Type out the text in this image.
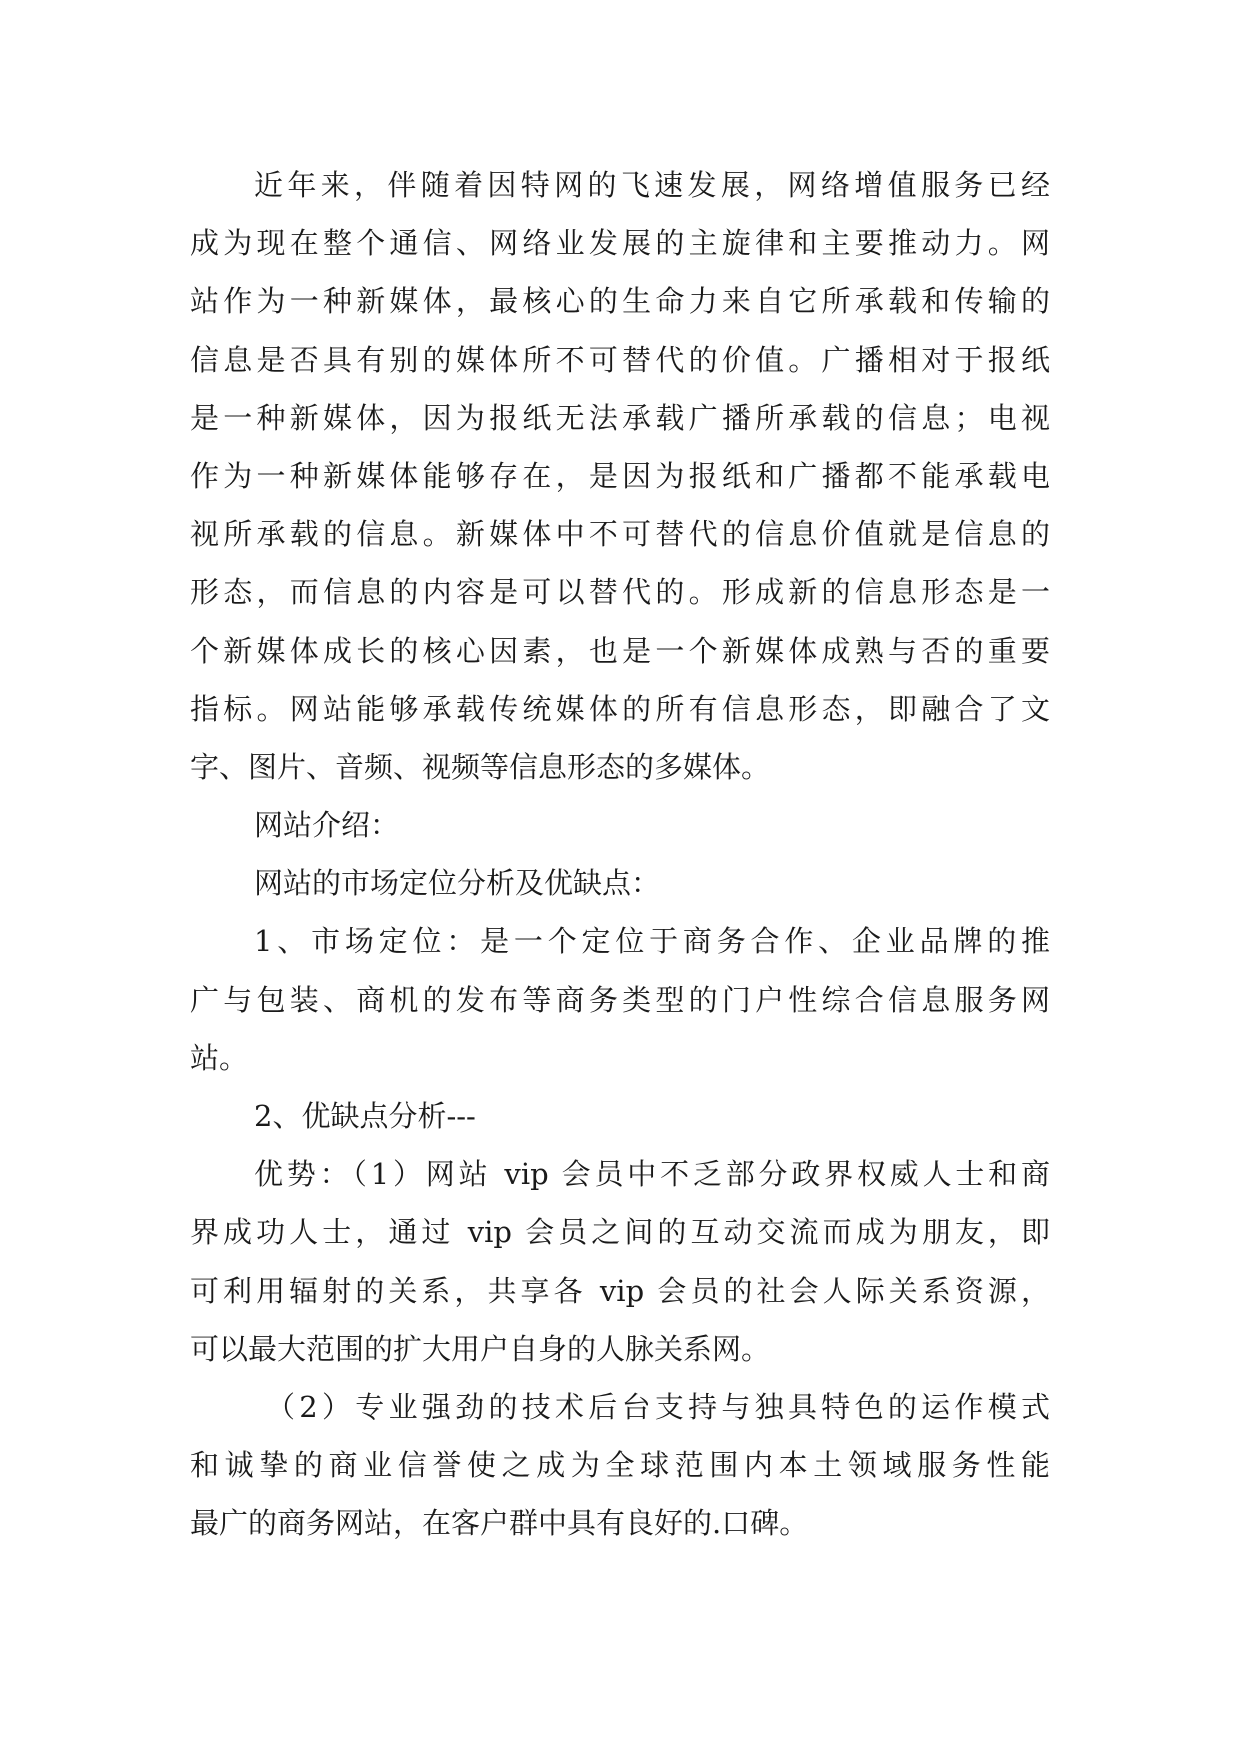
近年来，伴随着因特网的飞速发展，网络增值服务已经
成为现在整个通信、网络业发展的主旋律和主要推动力。网
站作为一种新媒体，最核心的生命力来自它所承载和传输的
信息是否具有别的媒体所不可替代的价值。广播相对于报纸
是一种新媒体，因为报纸无法承载广播所承载的信息；电视
作为一种新媒体能够存在，是因为报纸和广播都不能承载电
视所承载的信息。新媒体中不可替代的信息价值就是信息的
形态，而信息的内容是可以替代的。形成新的信息形态是一
个新媒体成长的核心因素，也是一个新媒体成熟与否的重要
指标。网站能够承载传统媒体的所有信息形态，即融合了文
字、图片、音频、视频等信息形态的多媒体。
网站介绍：
网站的市场定位分析及优缺点：
1、市场定位：是一个定位于商务合作、企业品牌的推
广与包装、商机的发布等商务类型的门户性综合信息服务网
站。
2、优缺点分析---
优势：（1）网站 vip 会员中不乏部分政界权威人士和商
界成功人士，通过 vip 会员之间的互动交流而成为朋友，即
可利用辐射的关系，共享各 vip 会员的社会人际关系资源，
可以最大范围的扩大用户自身的人脉关系网。
（2）专业强劲的技术后台支持与独具特色的运作模式
和诚挚的商业信誉使之成为全球范围内本土领域服务性能
最广的商务网站，在客户群中具有良好的.口碑。
